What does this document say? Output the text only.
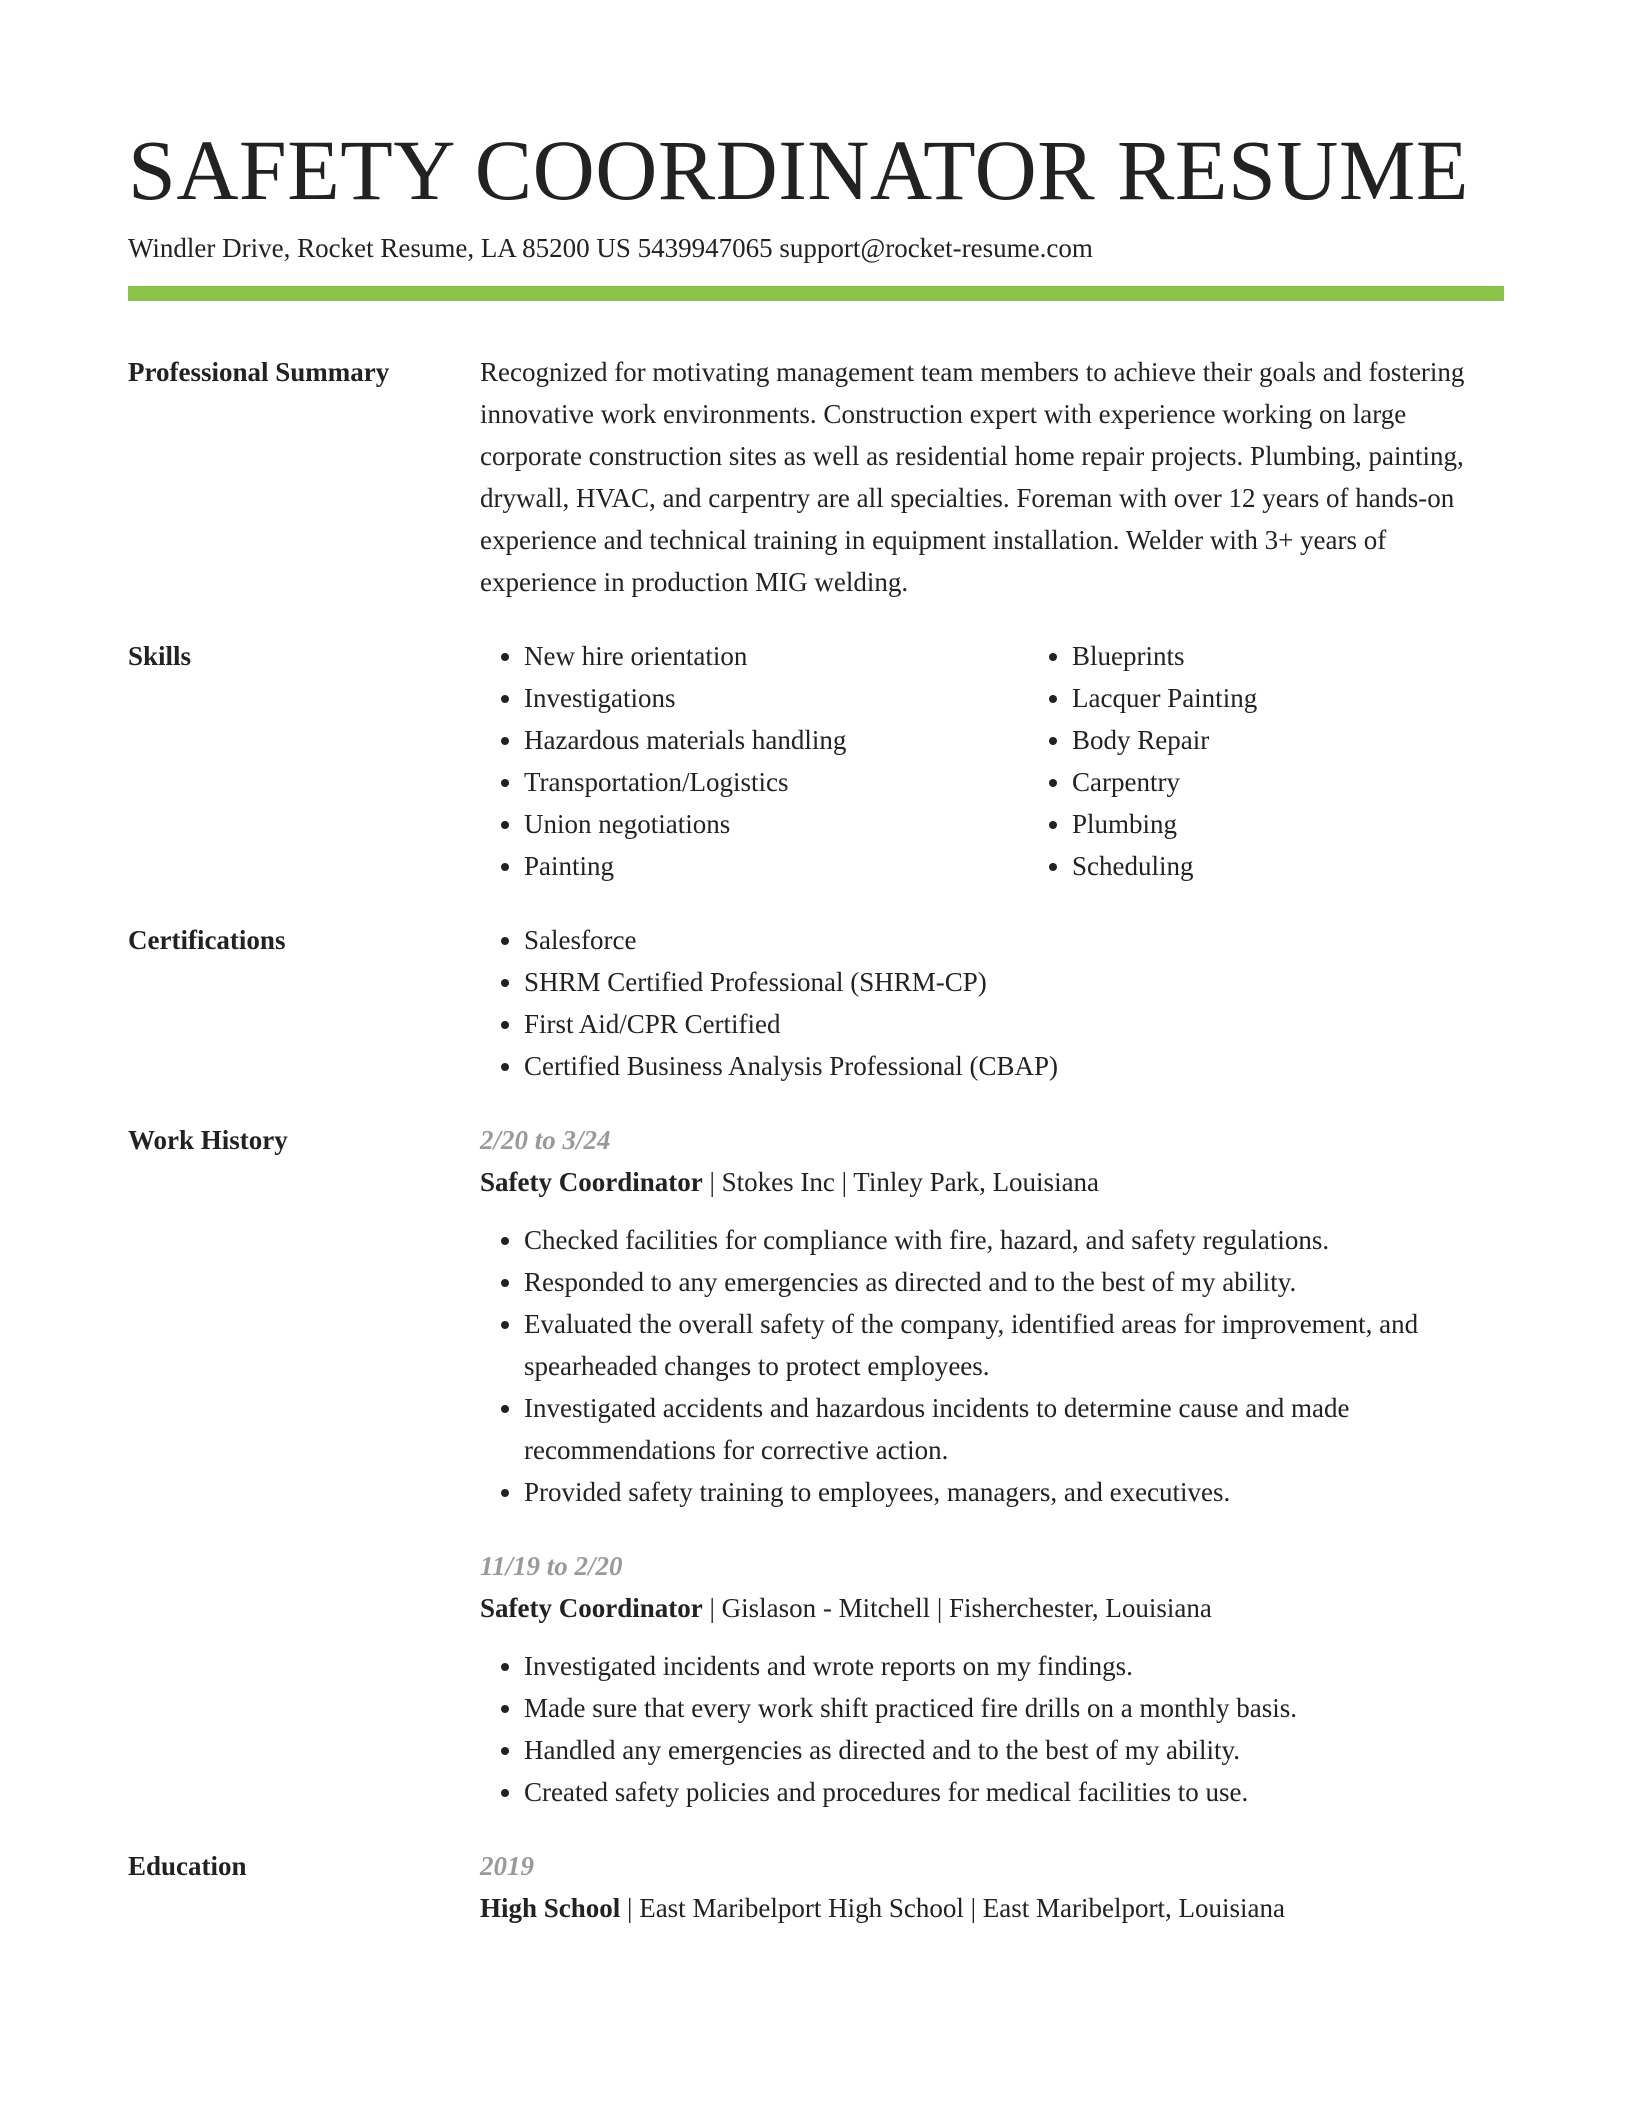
SAFETY COORDINATOR RESUME
Windler Drive, Rocket Resume, LA 85200 US 5439947065 support@rocket-resume.com
Professional Summary	Recognized for motivating management team members to achieve their goals and fostering innovative work environments. Construction expert with experience working on large corporate construction sites as well as residential home repair projects. Plumbing, painting, drywall, HVAC, and carpentry are all specialties. Foreman with over 12 years of hands-on experience and technical training in equipment installation. Welder with 3+ years of experience in production MIG welding.
Skills	• New hire orientation
• Investigations
• Hazardous materials handling
• Transportation/Logistics
• Union negotiations
• Painting
• Blueprints
• Lacquer Painting
• Body Repair
• Carpentry
• Plumbing
• Scheduling
Certifications	• Salesforce
• SHRM Certified Professional (SHRM-CP)
• First Aid/CPR Certified
• Certified Business Analysis Professional (CBAP)
Work History	2/20 to 3/24
Safety Coordinator | Stokes Inc | Tinley Park, Louisiana
• Checked facilities for compliance with fire, hazard, and safety regulations.
• Responded to any emergencies as directed and to the best of my ability.
• Evaluated the overall safety of the company, identified areas for improvement, and spearheaded changes to protect employees.
• Investigated accidents and hazardous incidents to determine cause and made recommendations for corrective action.
• Provided safety training to employees, managers, and executives.
11/19 to 2/20
Safety Coordinator | Gislason - Mitchell | Fisherchester, Louisiana
• Investigated incidents and wrote reports on my findings.
• Made sure that every work shift practiced fire drills on a monthly basis.
• Handled any emergencies as directed and to the best of my ability.
• Created safety policies and procedures for medical facilities to use.
Education	2019
High School | East Maribelport High School | East Maribelport, Louisiana
